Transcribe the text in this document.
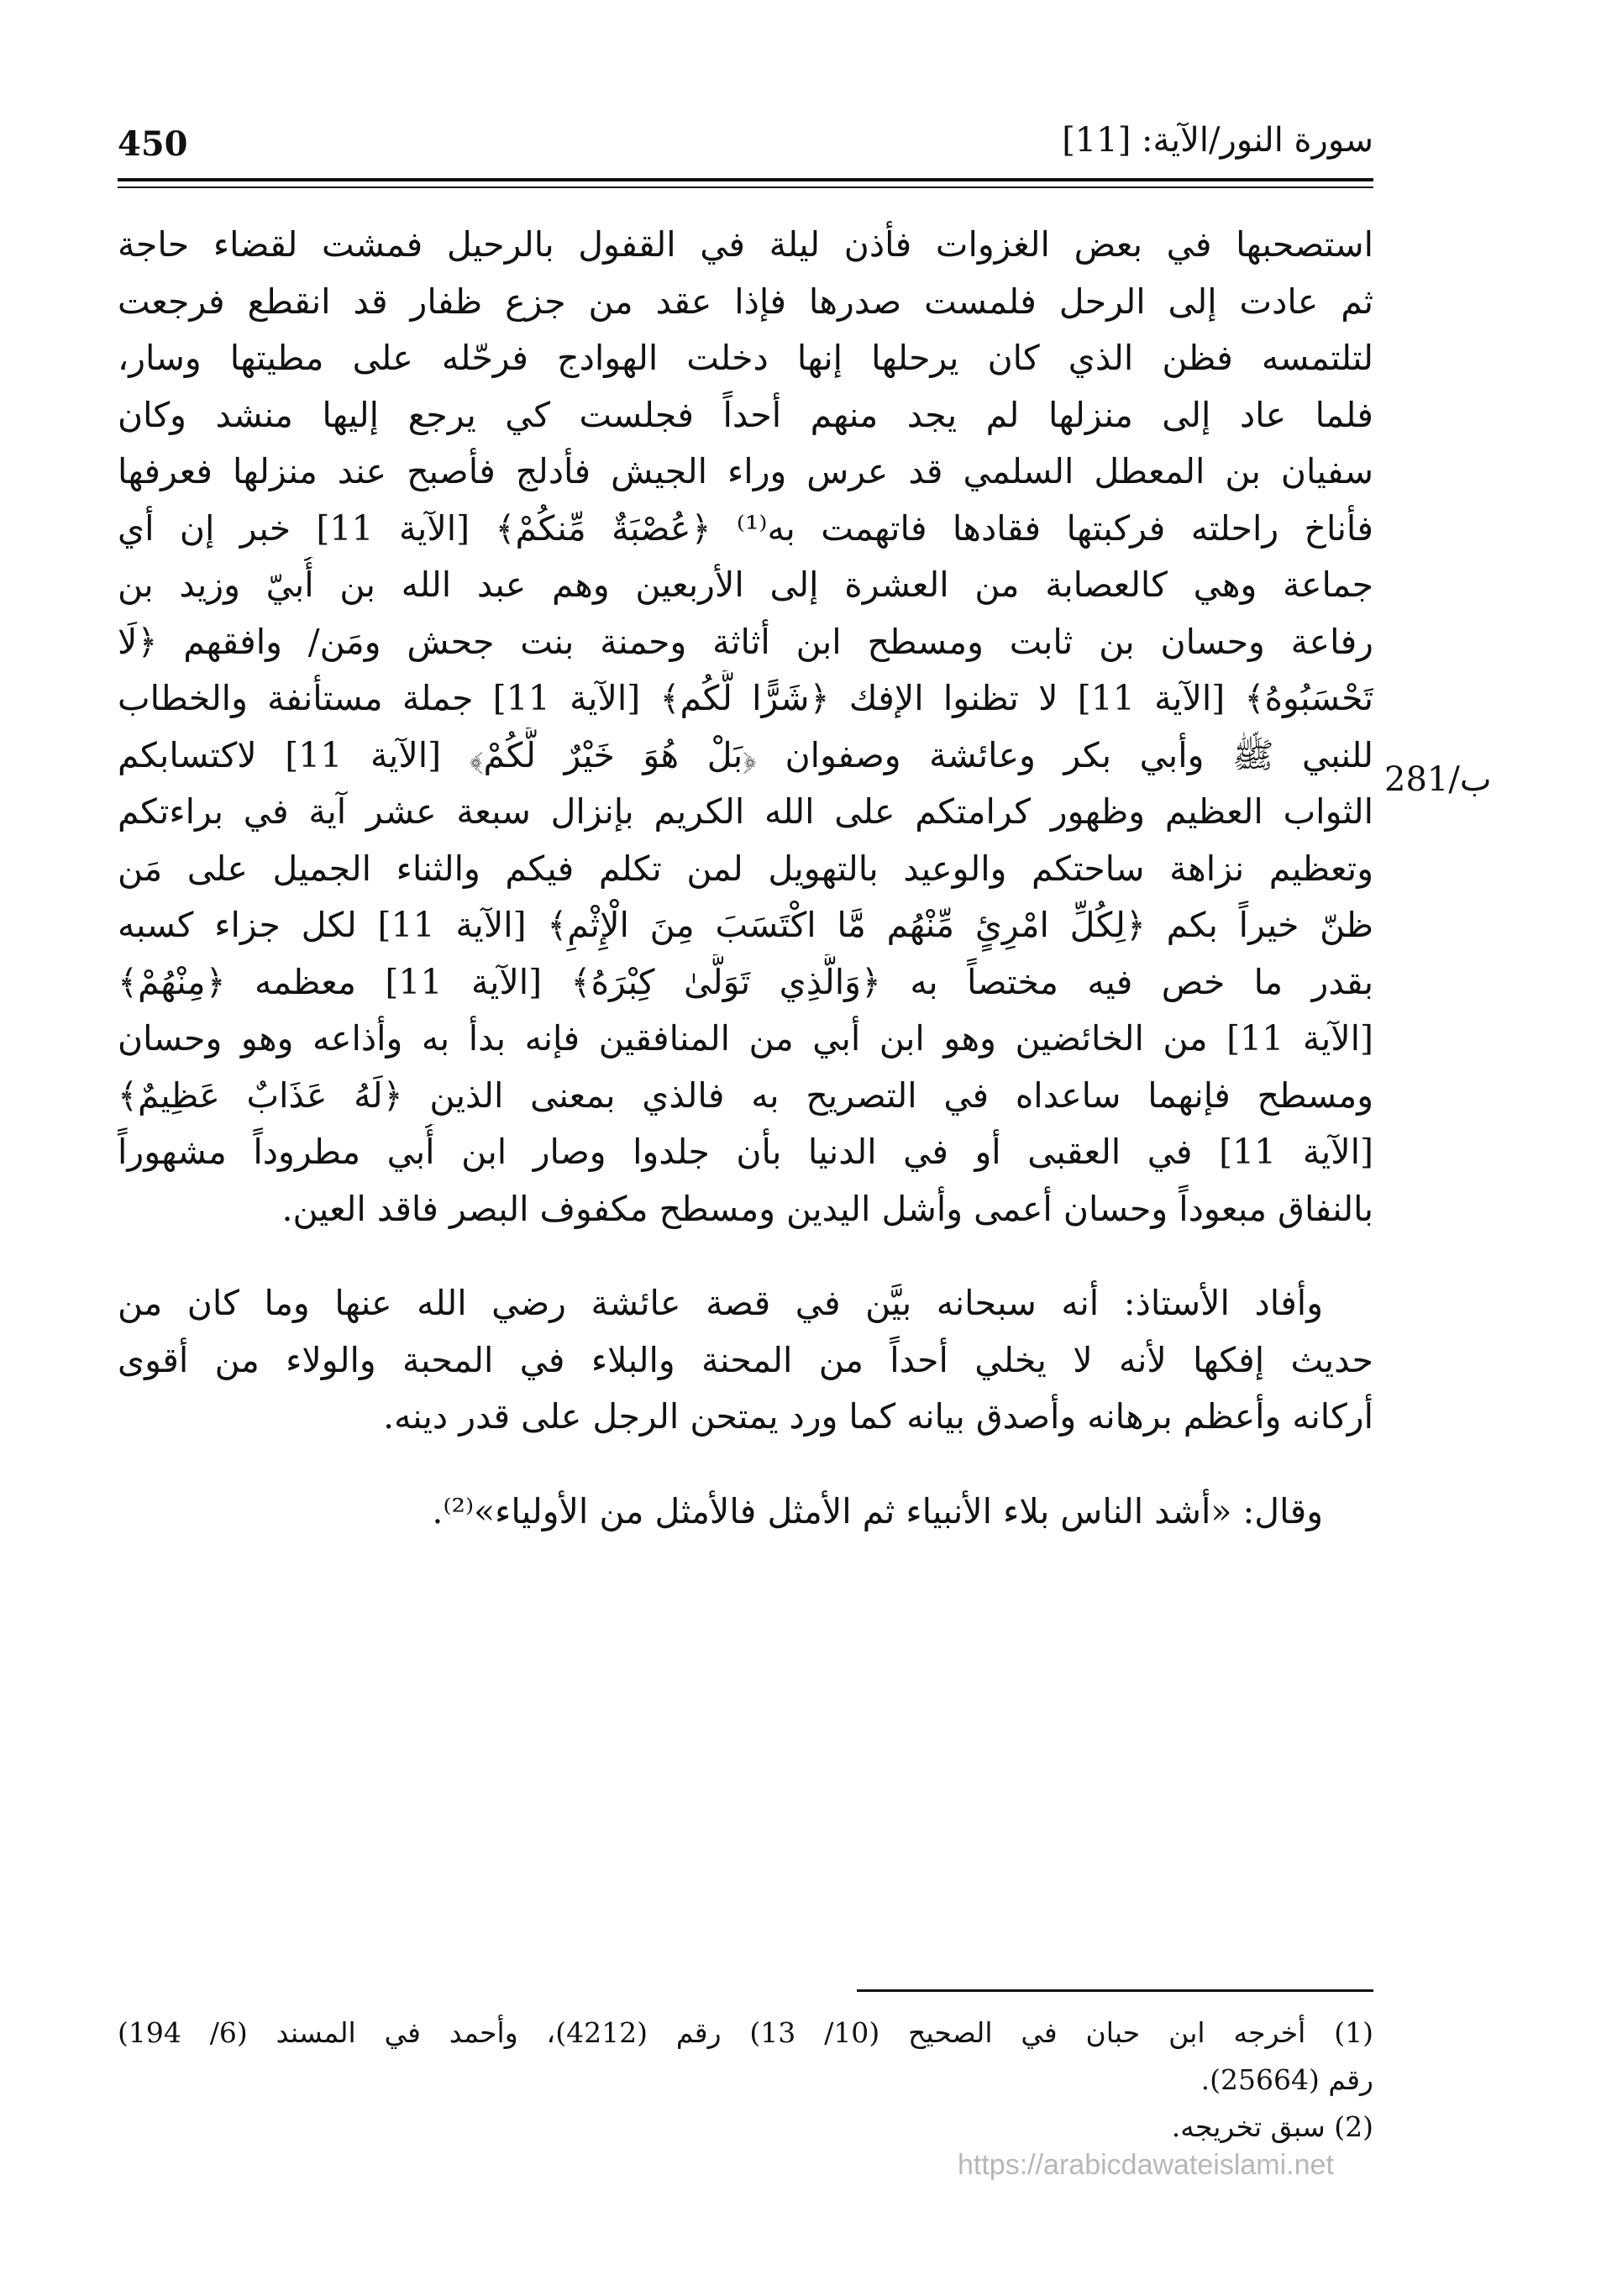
450	سورة النور/الآية: [11]
281/ب
استصحبها في بعض الغزوات فأذن ليلة في القفول بالرحيل فمشت لقضاء حاجة
ثم عادت إلى الرحل فلمست صدرها فإذا عقد من جزع ظفار قد انقطع فرجعت
لتلتمسه فظن الذي كان يرحلها إنها دخلت الهوادج فرحّله على مطيتها وسار،
فلما عاد إلى منزلها لم يجد منهم أحداً فجلست كي يرجع إليها منشد وكان
سفيان بن المعطل السلمي قد عرس وراء الجيش فأدلج فأصبح عند منزلها فعرفها
فأناخ راحلته فركبتها فقادها فاتهمت به⁽¹⁾ ﴿عُصْبَةٌ مِّنكُمْ﴾ [الآية 11] خبر إن أي
جماعة وهي كالعصابة من العشرة إلى الأربعين وهم عبد الله بن أُبيّ وزيد بن
رفاعة وحسان بن ثابت ومسطح ابن أثاثة وحمنة بنت جحش ومَن/ وافقهم ﴿لَا
تَحْسَبُوهُ﴾ [الآية 11] لا تظنوا الإفك ﴿شَرًّا لَّكُم﴾ [الآية 11] جملة مستأنفة والخطاب
للنبي ﷺ وأبي بكر وعائشة وصفوان ﴿بَلْ هُوَ خَيْرٌ لَّكُمْ﴾ [الآية 11] لاكتسابكم
الثواب العظيم وظهور كرامتكم على الله الكريم بإنزال سبعة عشر آية في براءتكم
وتعظيم نزاهة ساحتكم والوعيد بالتهويل لمن تكلم فيكم والثناء الجميل على مَن
ظنّ خيراً بكم ﴿لِكُلِّ امْرِئٍ مِّنْهُم مَّا اكْتَسَبَ مِنَ الْإِثْمِ﴾ [الآية 11] لكل جزاء كسبه
بقدر ما خص فيه مختصاً به ﴿وَالَّذِي تَوَلَّىٰ كِبْرَهُ﴾ [الآية 11] معظمه ﴿مِنْهُمْ﴾
[الآية 11] من الخائضين وهو ابن أبي من المنافقين فإنه بدأ به وأذاعه وهو وحسان
ومسطح فإنهما ساعداه في التصريح به فالذي بمعنى الذين ﴿لَهُ عَذَابٌ عَظِيمٌ﴾
[الآية 11] في العقبى أو في الدنيا بأن جلدوا وصار ابن أُبي مطروداً مشهوراً
بالنفاق مبعوداً وحسان أعمى وأشل اليدين ومسطح مكفوف البصر فاقد العين.
وأفاد الأستاذ: أنه سبحانه بيَّن في قصة عائشة رضي الله عنها وما كان من
حديث إفكها لأنه لا يخلي أحداً من المحنة والبلاء في المحبة والولاء من أقوى
أركانه وأعظم برهانه وأصدق بيانه كما ورد يمتحن الرجل على قدر دينه.
وقال: «أشد الناس بلاء الأنبياء ثم الأمثل فالأمثل من الأولياء»⁽²⁾.
(1) أخرجه ابن حبان في الصحيح (10/ 13) رقم (4212)، وأحمد في المسند (6/ 194)
رقم (25664).
(2) سبق تخريجه.
https://arabicdawateislami.net
